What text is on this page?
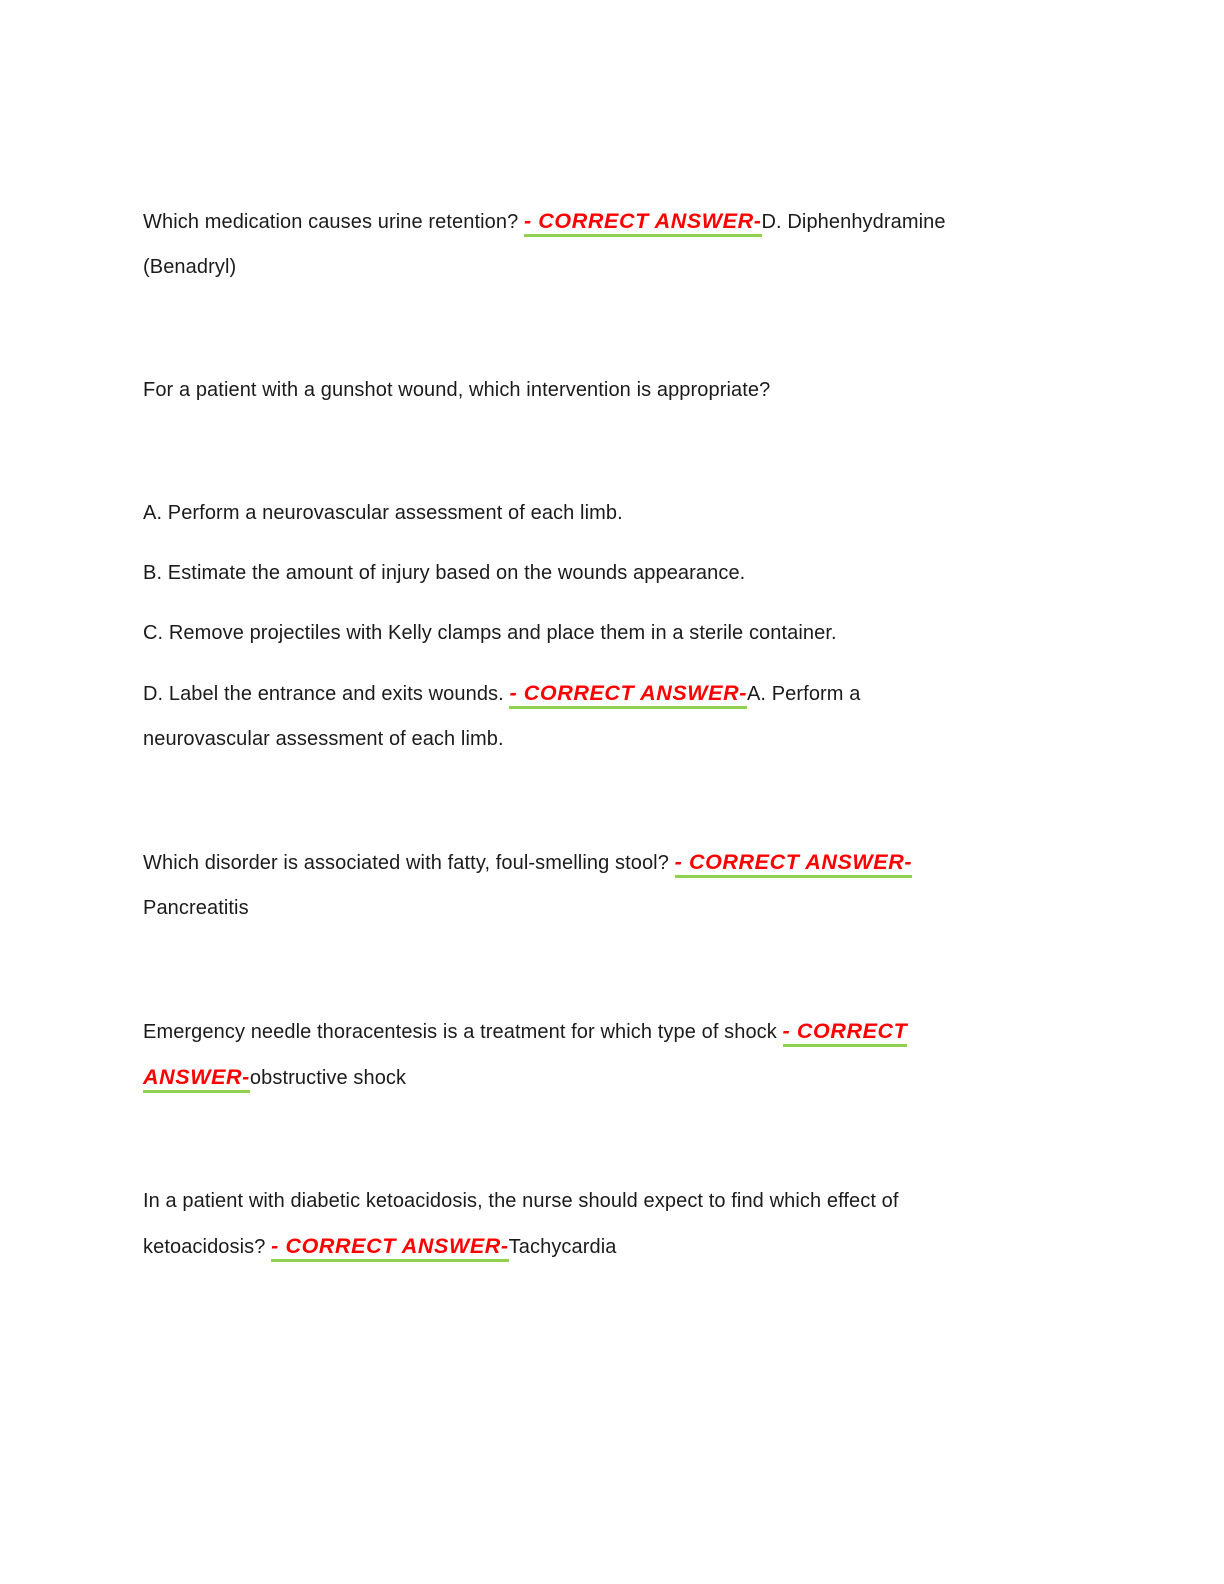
Which medication causes urine retention? - CORRECT ANSWER-D. Diphenhydramine
(Benadryl)
For a patient with a gunshot wound, which intervention is appropriate?
A. Perform a neurovascular assessment of each limb.
B. Estimate the amount of injury based on the wounds appearance.
C. Remove projectiles with Kelly clamps and place them in a sterile container.
D. Label the entrance and exits wounds. - CORRECT ANSWER-A. Perform a
neurovascular assessment of each limb.
Which disorder is associated with fatty, foul-smelling stool? - CORRECT ANSWER-
Pancreatitis
Emergency needle thoracentesis is a treatment for which type of shock - CORRECT
ANSWER-obstructive shock
In a patient with diabetic ketoacidosis, the nurse should expect to find which effect of
ketoacidosis? - CORRECT ANSWER-Tachycardia
